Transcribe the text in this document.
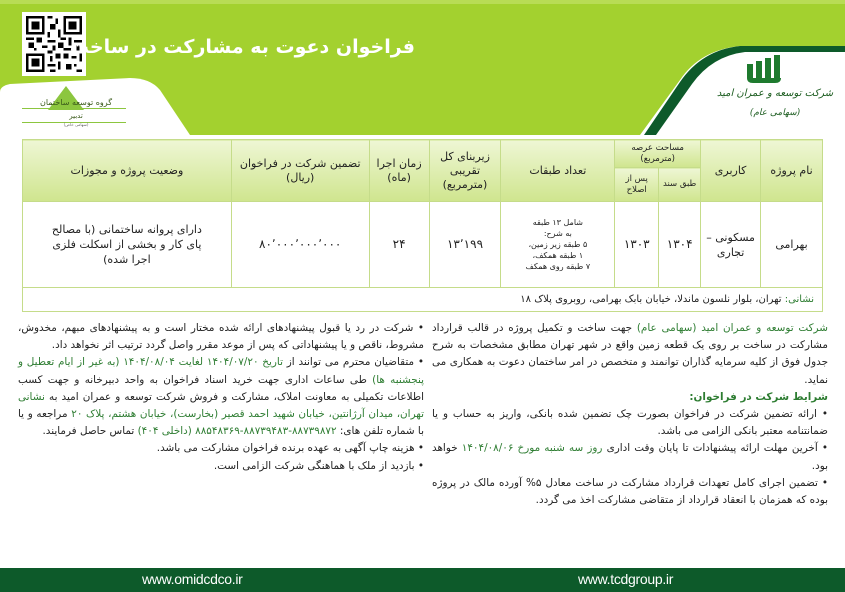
فراخوان دعوت به مشارکت در ساخت
گروه توسعه ساختمان
تدبیر
(سهامی خاص)
شرکت توسعه و عمران امید
(سهامی عام)
نام پروژه	کاربری	مساحت عرصه (مترمربع)		تعداد طبقات	زیربنای کل تقریبی (مترمربع)	زمان اجرا (ماه)	تضمین شرکت در فراخوان (ریال)	وضعیت پروژه و مجوزات
		طبق سند	پس از اصلاح					
بهرامی	مسکونی – تجاری	۱۳۰۴	۱۳۰۳	شامل ۱۳ طبقه
به شرح:
۵ طبقه زیر زمین،
۱ طبقه همکف،
۷ طبقه روی همکف	۱۳٬۱۹۹	۲۴	۸۰٬۰۰۰٬۰۰۰٬۰۰۰	دارای پروانه ساختمانی (با مصالح پای کار و بخشی از اسکلت فلزی اجرا شده)
نشانی: تهران، بلوار نلسون ماندلا، خیابان بابک بهرامی، روبروی پلاک ۱۸								

شرکت توسعه و عمران امید (سهامی عام) جهت ساخت و تکمیل پروژه در قالب قرارداد مشارکت در ساخت بر روی یک قطعه زمین واقع در شهر تهران مطابق مشخصات به شرح جدول فوق از کلیه سرمایه گذاران توانمند و متخصص در امر ساختمان دعوت به همکاری می نماید.

شرایط شرکت در فراخوان:

• ارائه تضمین شرکت در فراخوان بصورت چک تضمین شده بانکی، واریز به حساب و یا ضمانتنامه معتبر بانکی الزامی می باشد.

• آخرین مهلت ارائه پیشنهادات تا پایان وقت اداری روز سه شنبه مورخ ۱۴۰۴/۰۸/۰۶ خواهد بود.

• تضمین اجرای کامل تعهدات قرارداد مشارکت در ساخت معادل ۵% آورده مالک در پروژه بوده که همزمان با انعقاد قرارداد از متقاضی مشارکت اخذ می گردد.

• شرکت در رد یا قبول پیشنهادهای ارائه شده مختار است و به پیشنهادهای مبهم، مخدوش، مشروط، ناقص و یا پیشنهاداتی که پس از موعد مقرر واصل گردد ترتیب اثر نخواهد داد.

• متقاضیان محترم می توانند از تاریخ ۱۴۰۴/۰۷/۲۰ لغایت ۱۴۰۴/۰۸/۰۴ (به غیر از ایام تعطیل و پنجشنبه ها) طی ساعات اداری جهت خرید اسناد فراخوان به واحد دبیرخانه و جهت کسب اطلاعات تکمیلی به معاونت املاک، مشارکت و فروش شرکت توسعه و عمران امید به نشانی تهران، میدان آرژانتین، خیابان شهید احمد قصیر (بخارست)، خیابان هشتم، پلاک ۲۰ مراجعه و یا با شماره تلفن های: ۸۸۷۳۹۸۷۲-۸۸۷۳۹۴۸۳-۸۸۵۴۸۳۶۹ (داخلی ۴۰۴) تماس حاصل فرمایند.

• هزینه چاپ آگهی به عهده برنده فراخوان مشارکت می باشد.

• بازدید از ملک با هماهنگی شرکت الزامی است.

www.omidcdco.ir	www.tcdgroup.ir
